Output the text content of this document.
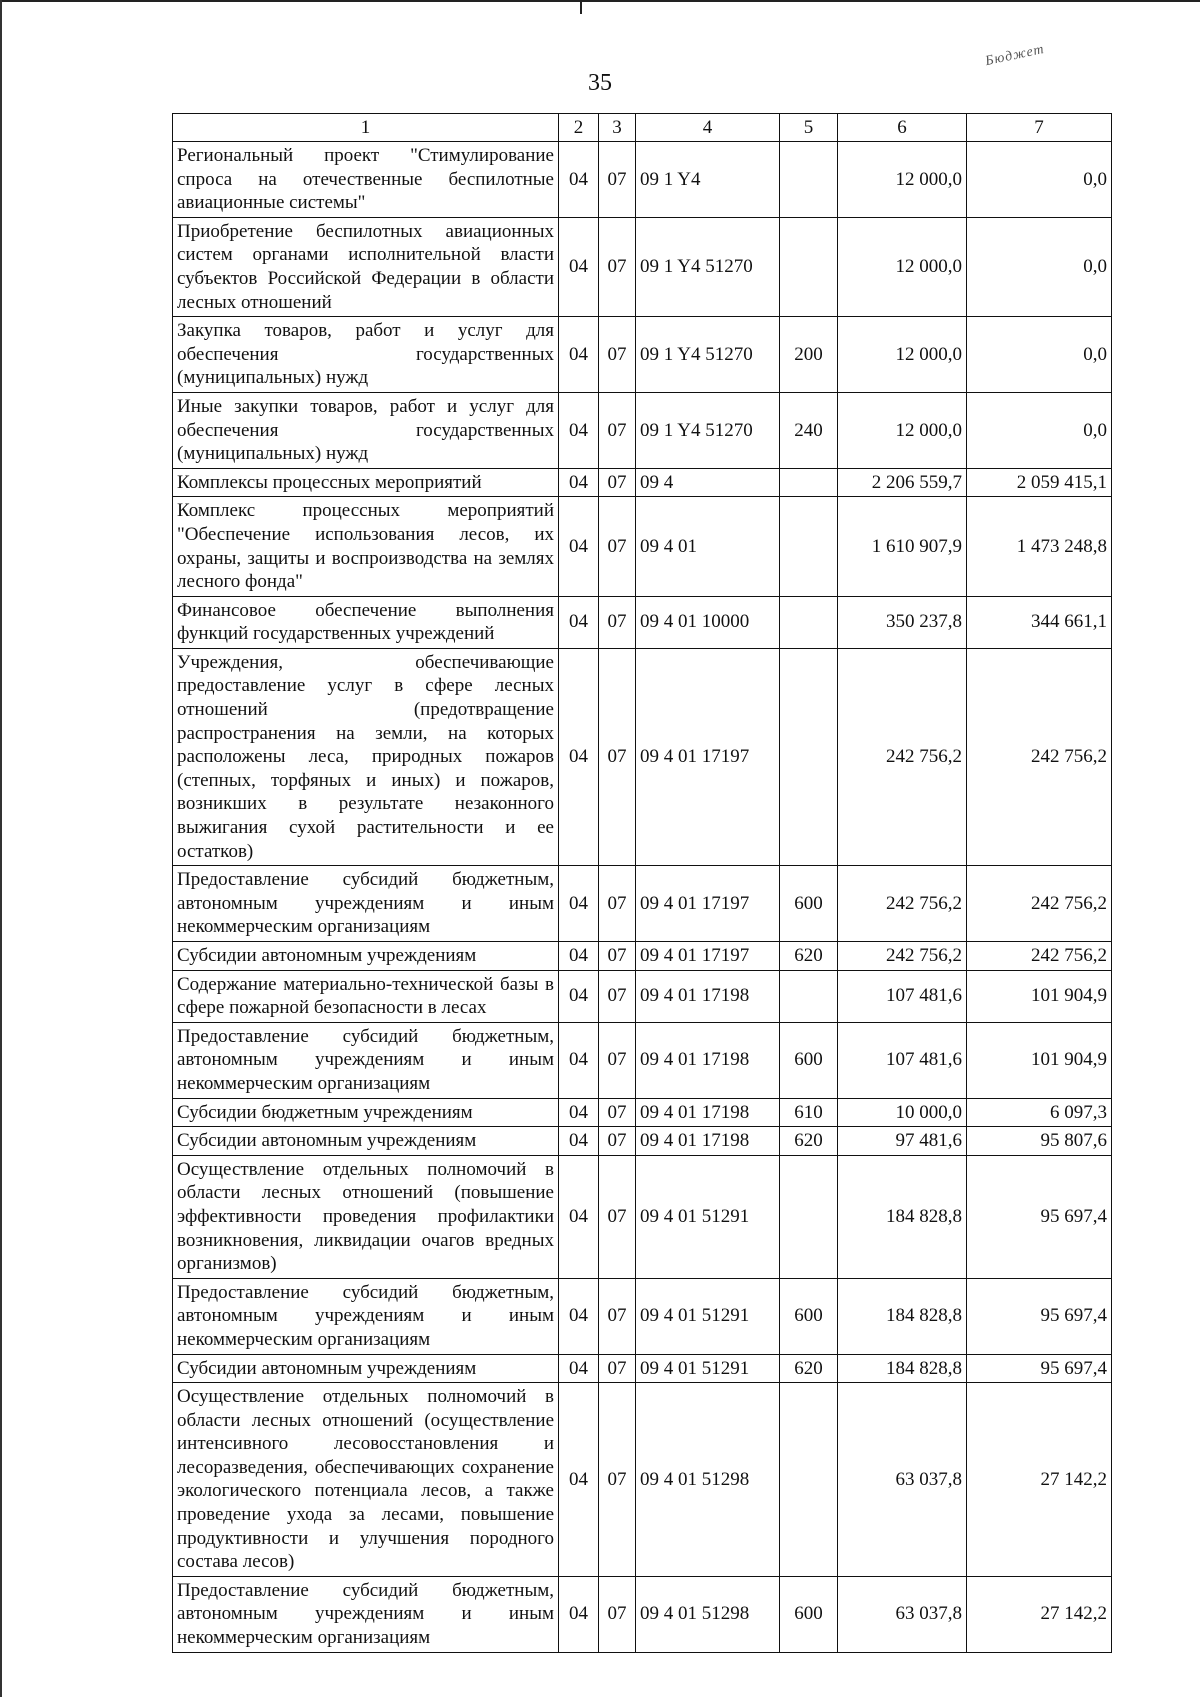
Бюджет
35
1	2	3	4	5	6	7
Региональный проект "Стимулирование спроса на отечественные беспилотные авиационные системы"	04	07	09 1 Y4		12 000,0	0,0
Приобретение беспилотных авиационных систем органами исполнительной власти субъектов Российской Федерации в области лесных отношений	04	07	09 1 Y4 51270		12 000,0	0,0
Закупка товаров, работ и услуг для обеспечения государственных (муниципальных) нужд	04	07	09 1 Y4 51270	200	12 000,0	0,0
Иные закупки товаров, работ и услуг для обеспечения государственных (муниципальных) нужд	04	07	09 1 Y4 51270	240	12 000,0	0,0
Комплексы процессных мероприятий	04	07	09 4		2 206 559,7	2 059 415,1
Комплекс процессных мероприятий "Обеспечение использования лесов, их охраны, защиты и воспроизводства на землях лесного фонда"	04	07	09 4 01		1 610 907,9	1 473 248,8
Финансовое обеспечение выполнения функций государственных учреждений	04	07	09 4 01 10000		350 237,8	344 661,1
Учреждения, обеспечивающие предоставление услуг в сфере лесных отношений (предотвращение распространения на земли, на которых расположены леса, природных пожаров (степных, торфяных и иных) и пожаров, возникших в результате незаконного выжигания сухой растительности и ее остатков)	04	07	09 4 01 17197		242 756,2	242 756,2
Предоставление субсидий бюджетным, автономным учреждениям и иным некоммерческим организациям	04	07	09 4 01 17197	600	242 756,2	242 756,2
Субсидии автономным учреждениям	04	07	09 4 01 17197	620	242 756,2	242 756,2
Содержание материально-технической базы в сфере пожарной безопасности в лесах	04	07	09 4 01 17198		107 481,6	101 904,9
Предоставление субсидий бюджетным, автономным учреждениям и иным некоммерческим организациям	04	07	09 4 01 17198	600	107 481,6	101 904,9
Субсидии бюджетным учреждениям	04	07	09 4 01 17198	610	10 000,0	6 097,3
Субсидии автономным учреждениям	04	07	09 4 01 17198	620	97 481,6	95 807,6
Осуществление отдельных полномочий в области лесных отношений (повышение эффективности проведения профилактики возникновения, ликвидации очагов вредных организмов)	04	07	09 4 01 51291		184 828,8	95 697,4
Предоставление субсидий бюджетным, автономным учреждениям и иным некоммерческим организациям	04	07	09 4 01 51291	600	184 828,8	95 697,4
Субсидии автономным учреждениям	04	07	09 4 01 51291	620	184 828,8	95 697,4
Осуществление отдельных полномочий в области лесных отношений (осуществление интенсивного лесовосстановления и лесоразведения, обеспечивающих сохранение экологического потенциала лесов, а также проведение ухода за лесами, повышение продуктивности и улучшения породного состава лесов)	04	07	09 4 01 51298		63 037,8	27 142,2
Предоставление субсидий бюджетным, автономным учреждениям и иным некоммерческим организациям	04	07	09 4 01 51298	600	63 037,8	27 142,2
